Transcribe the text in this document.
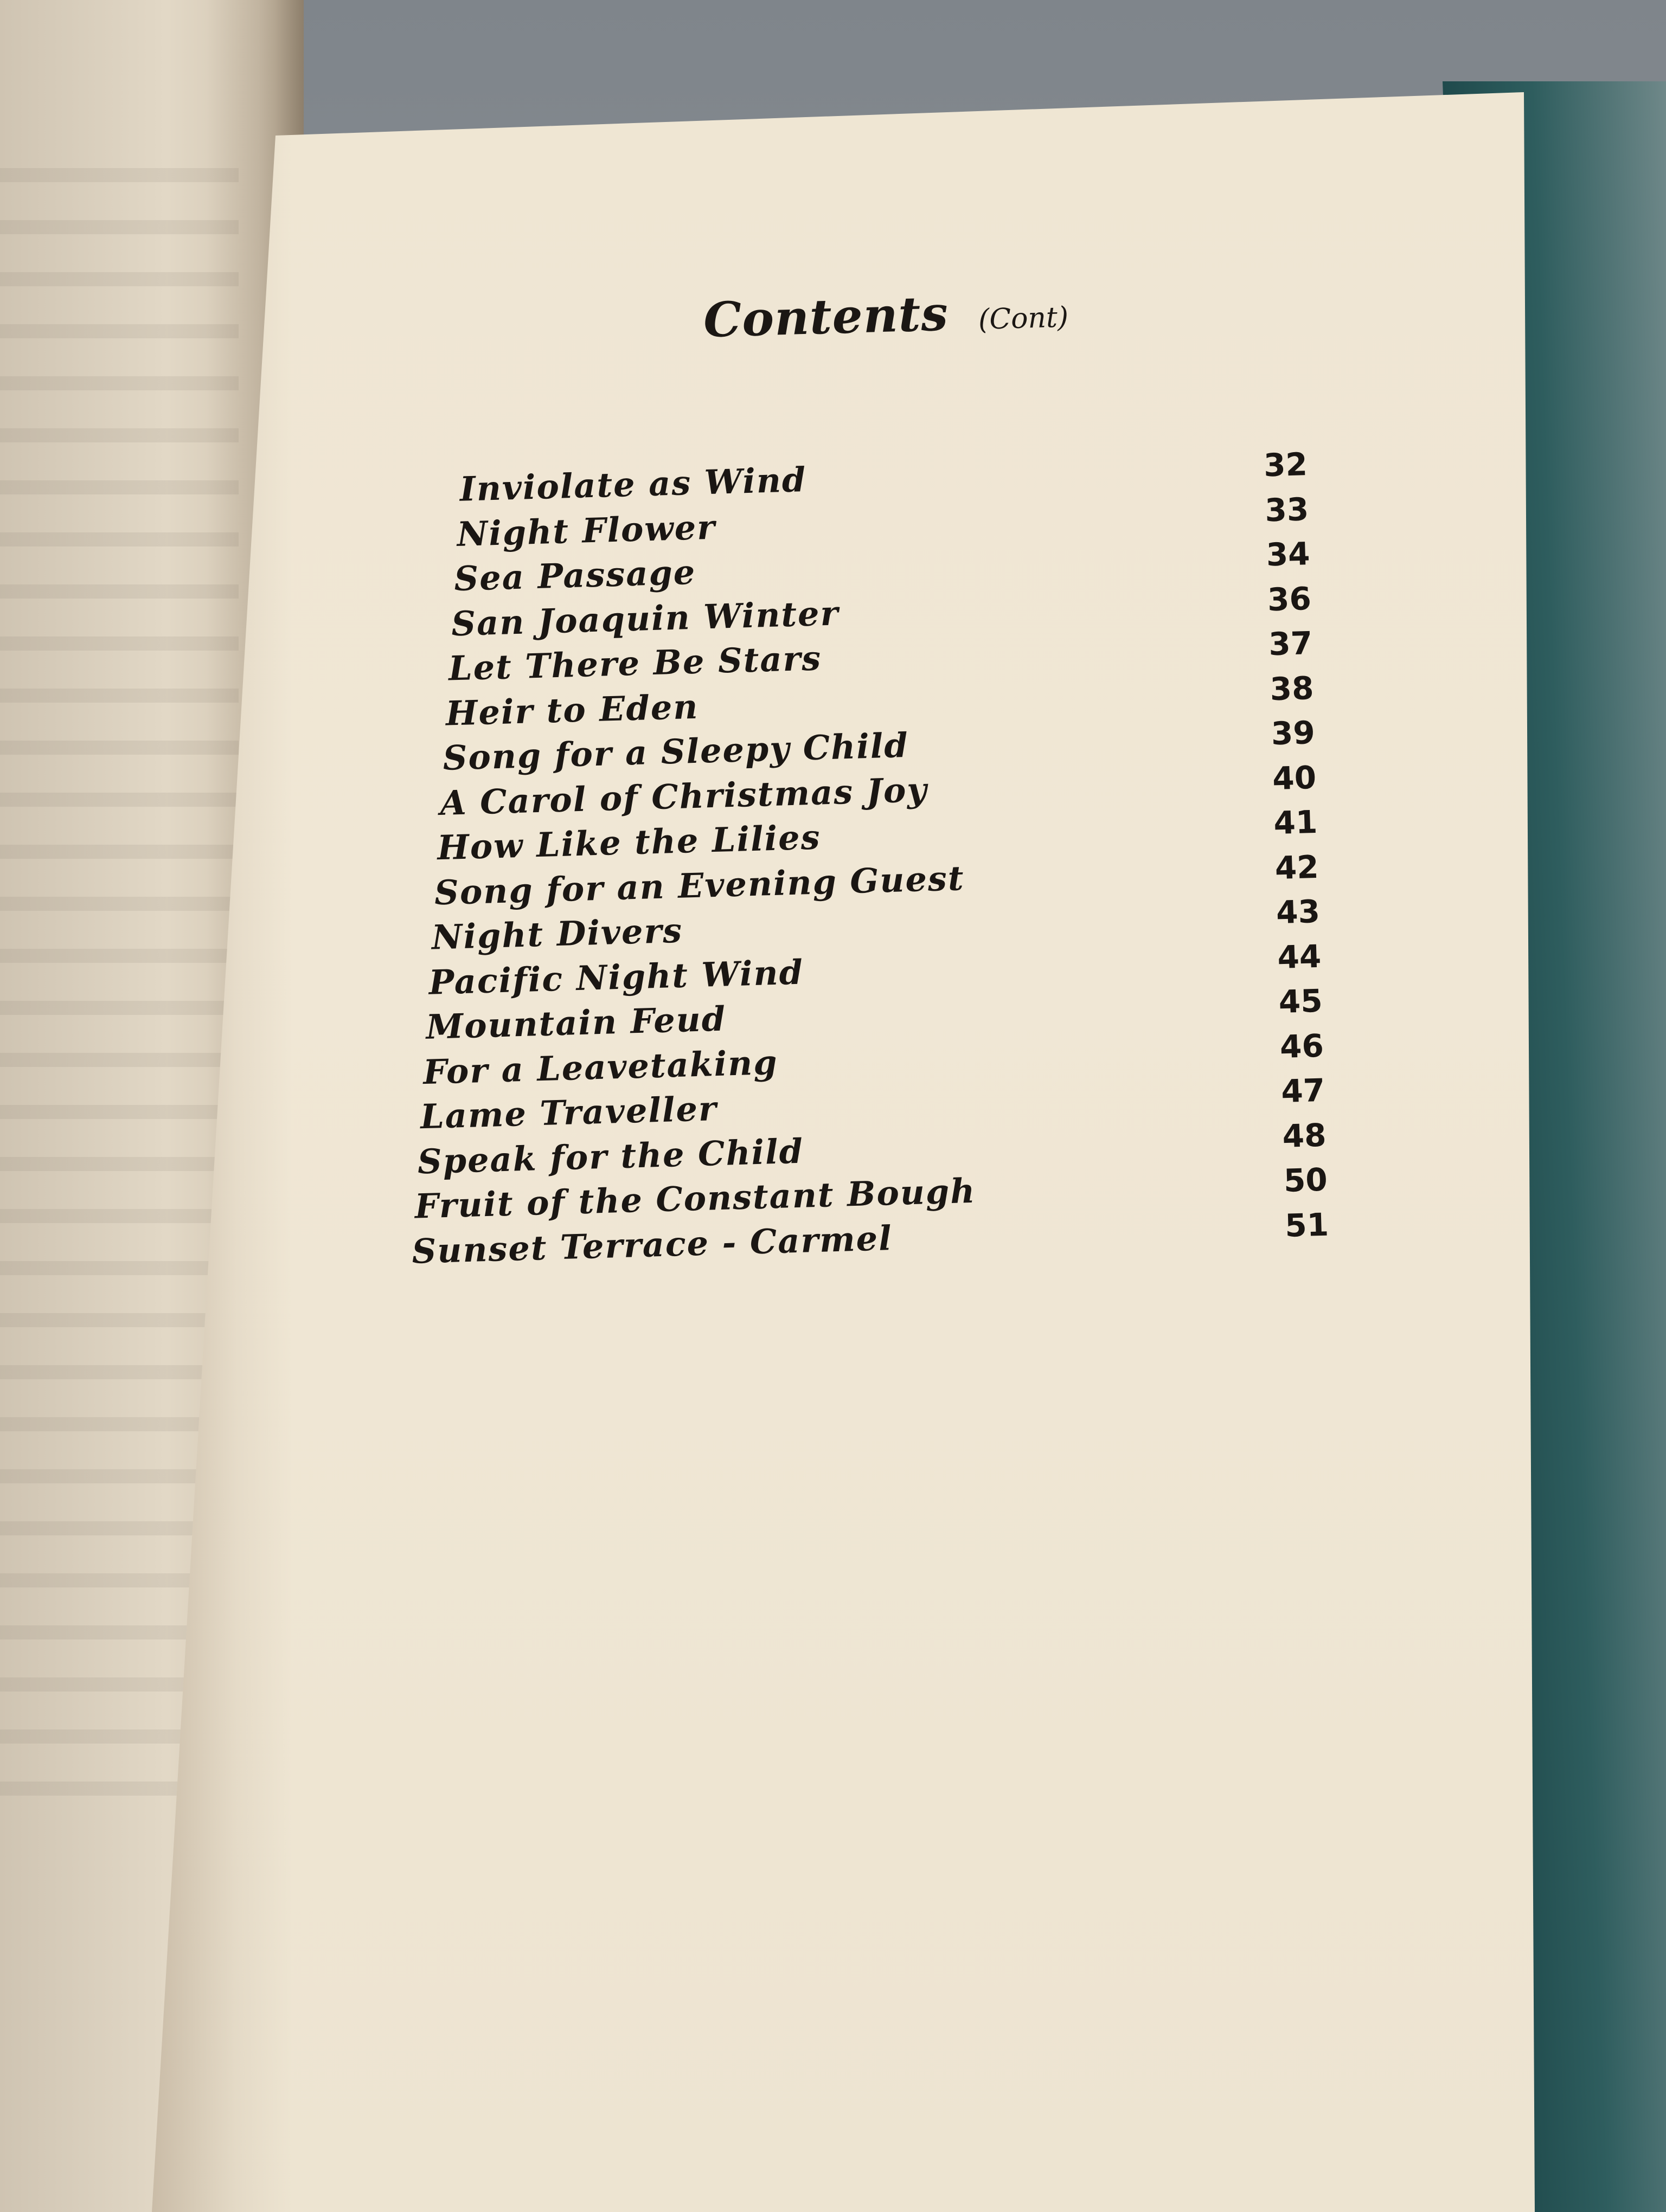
Contents (Cont)
Inviolate as Wind	32
Night Flower	33
Sea Passage	34
San Joaquin Winter	36
Let There Be Stars	37
Heir to Eden	38
Song for a Sleepy Child	39
A Carol of Christmas Joy	40
How Like the Lilies	41
Song for an Evening Guest	42
Night Divers	43
Pacific Night Wind	44
Mountain Feud	45
For a Leavetaking	46
Lame Traveller	47
Speak for the Child	48
Fruit of the Constant Bough	50
Sunset Terrace - Carmel	51
